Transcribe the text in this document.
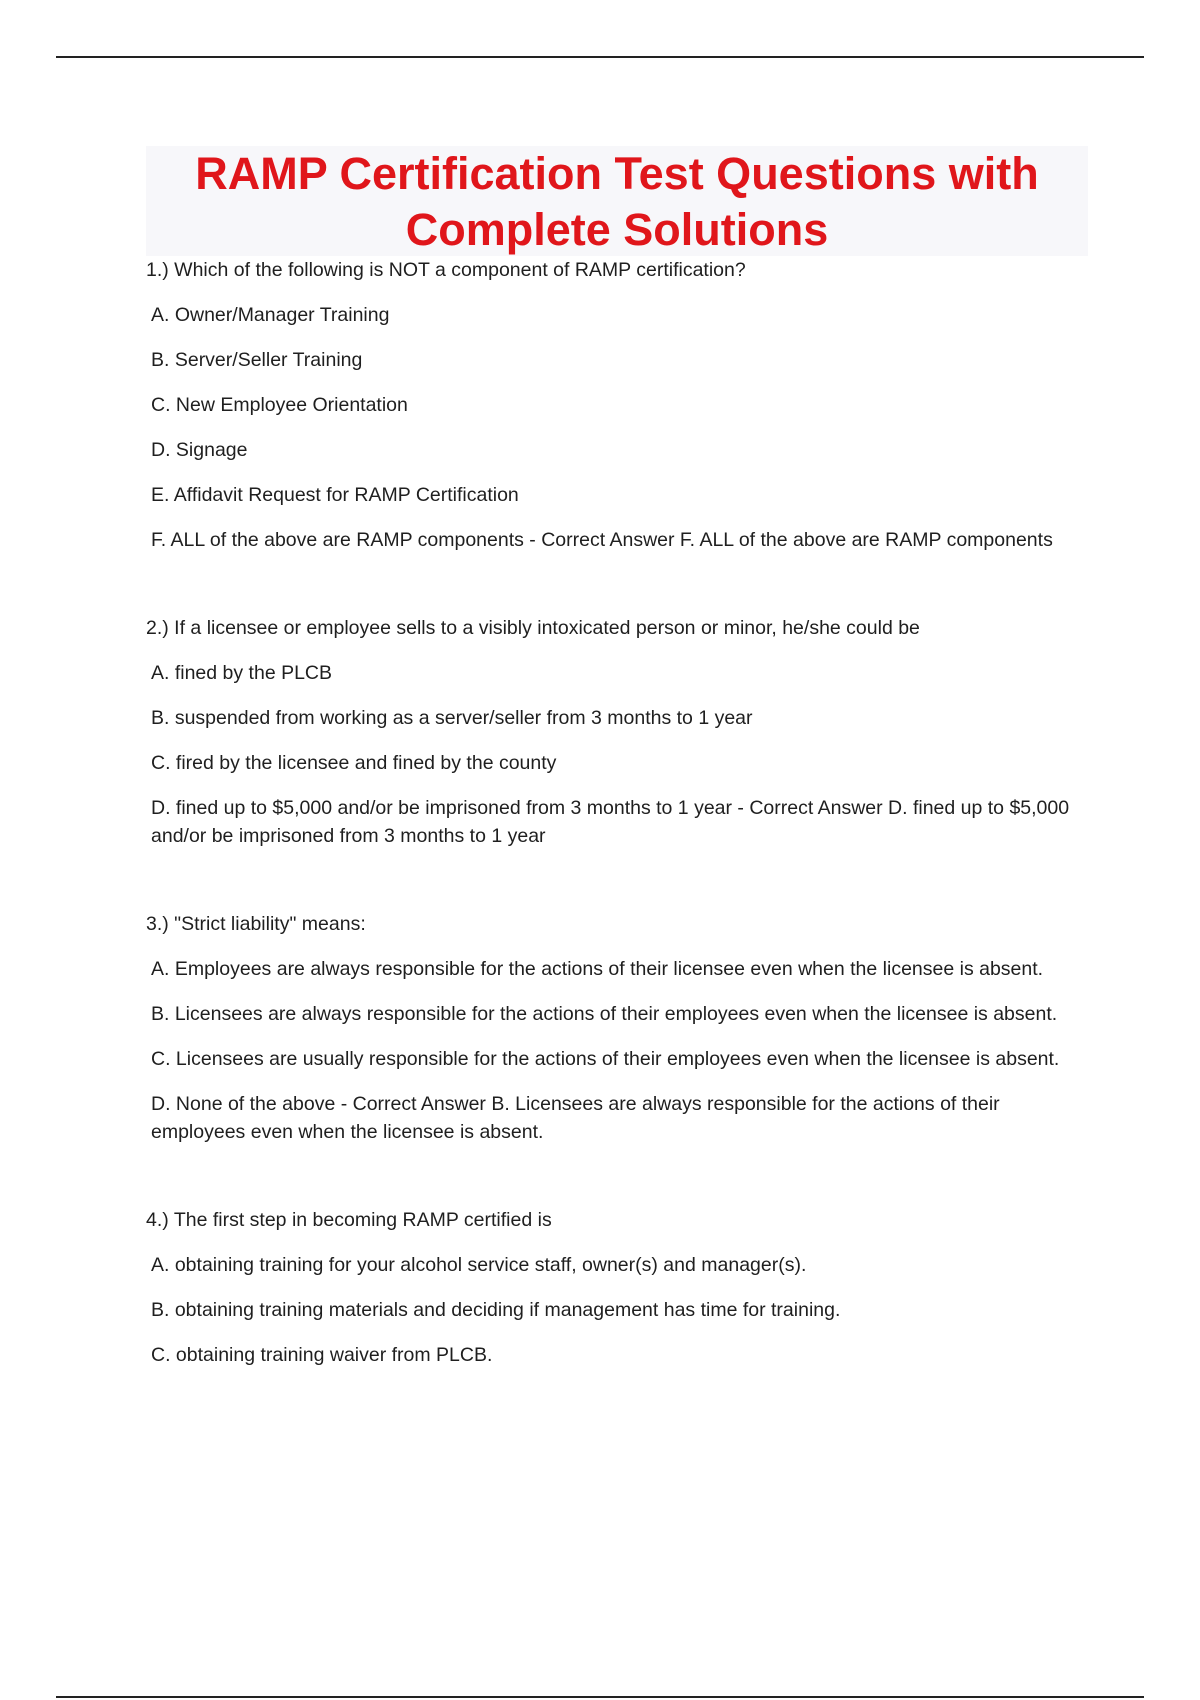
RAMP Certification Test Questions with Complete Solutions

1.) Which of the following is NOT a component of RAMP certification?

A. Owner/Manager Training

B. Server/Seller Training

C. New Employee Orientation

D. Signage

E. Affidavit Request for RAMP Certification

F. ALL of the above are RAMP components - Correct Answer F. ALL of the above are RAMP components

2.) If a licensee or employee sells to a visibly intoxicated person or minor, he/she could be

A. fined by the PLCB

B. suspended from working as a server/seller from 3 months to 1 year

C. fired by the licensee and fined by the county

D. fined up to $5,000 and/or be imprisoned from 3 months to 1 year - Correct Answer D. fined up to $5,000 and/or be imprisoned from 3 months to 1 year

3.) "Strict liability" means:

A. Employees are always responsible for the actions of their licensee even when the licensee is absent.

B. Licensees are always responsible for the actions of their employees even when the licensee is absent.

C. Licensees are usually responsible for the actions of their employees even when the licensee is absent.

D. None of the above - Correct Answer B. Licensees are always responsible for the actions of their employees even when the licensee is absent.

4.) The first step in becoming RAMP certified is

A. obtaining training for your alcohol service staff, owner(s) and manager(s).

B. obtaining training materials and deciding if management has time for training.

C. obtaining training waiver from PLCB.
